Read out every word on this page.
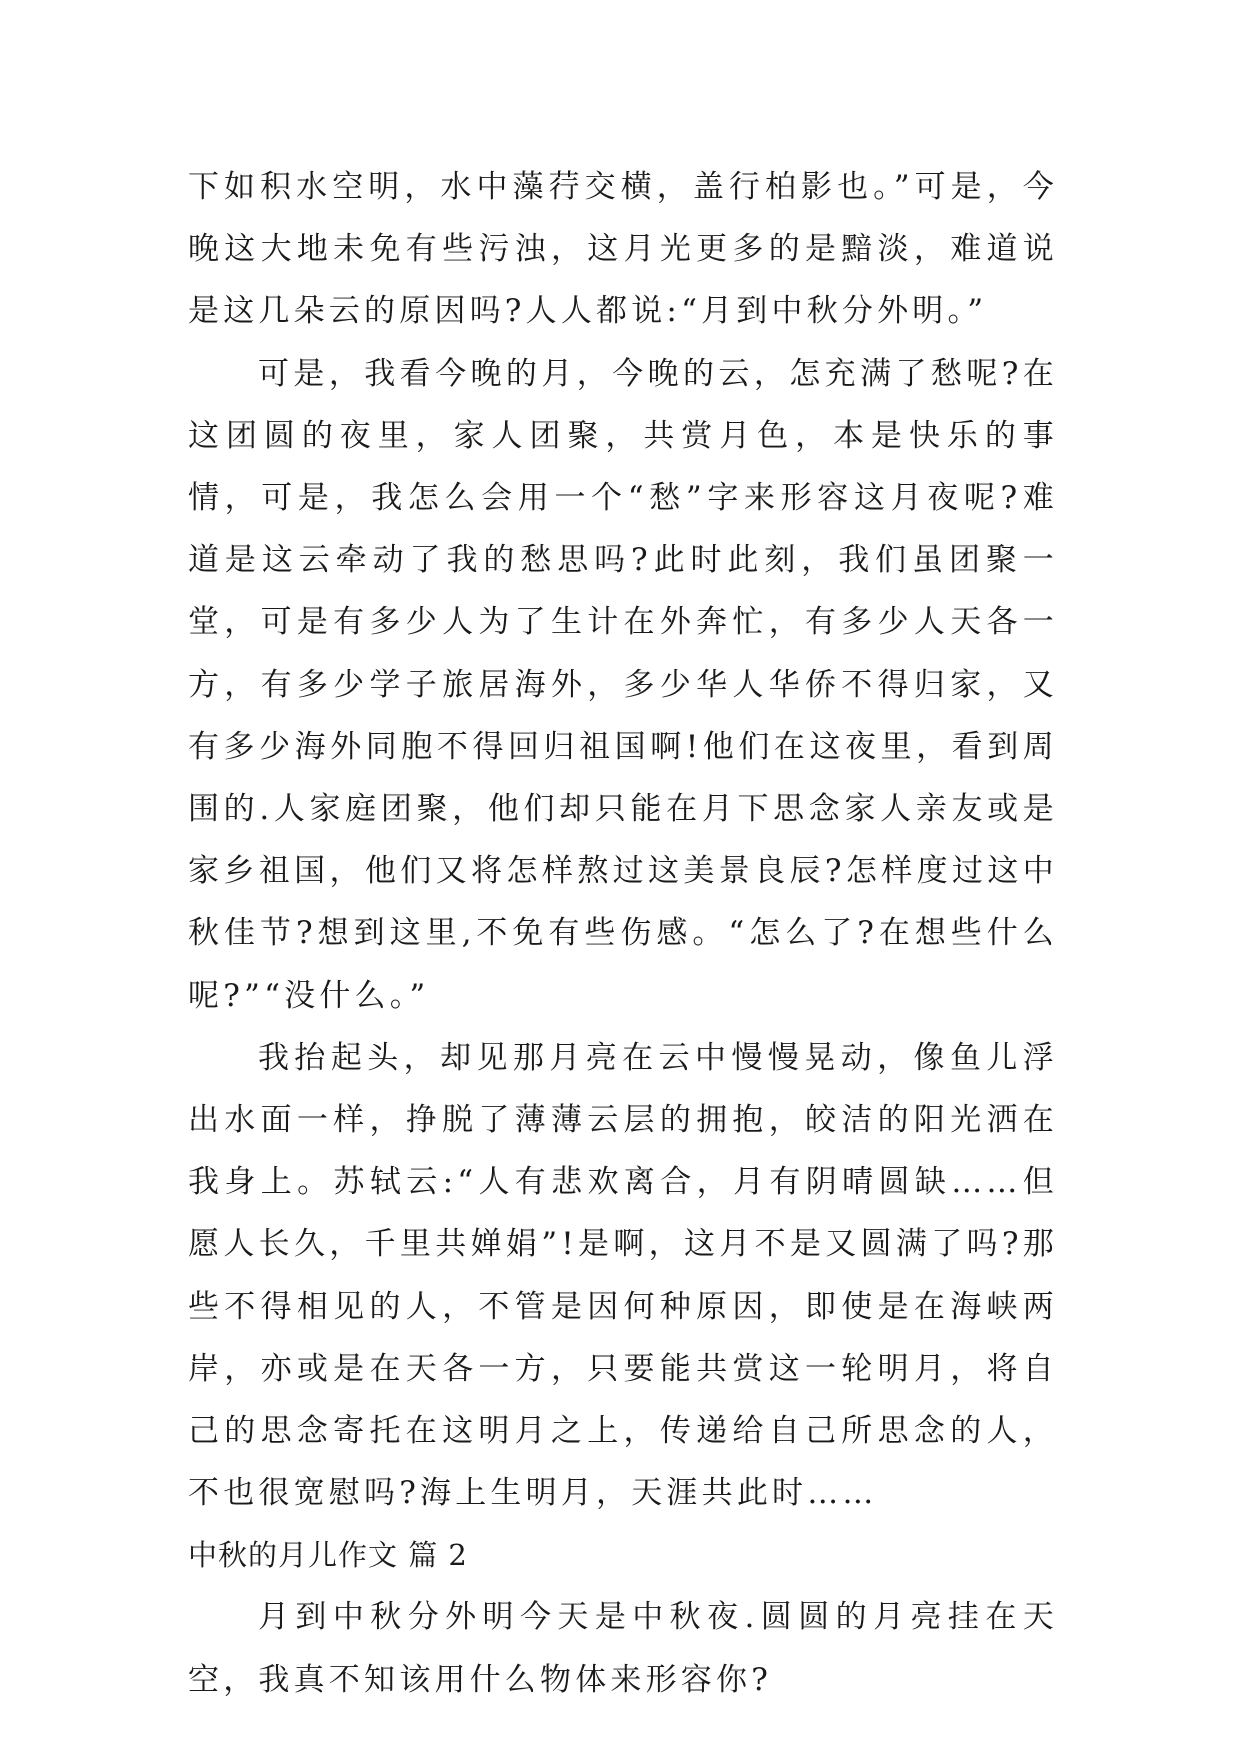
下如积水空明，水中藻荇交横，盖行柏影也。”可是，今晚这大地未免有些污浊，这月光更多的是黯淡，难道说是这几朵云的原因吗?人人都说:“月到中秋分外明。”

可是，我看今晚的月，今晚的云，怎充满了愁呢?在这团圆的夜里，家人团聚，共赏月色，本是快乐的事情，可是，我怎么会用一个“愁”字来形容这月夜呢?难道是这云牵动了我的愁思吗?此时此刻，我们虽团聚一堂，可是有多少人为了生计在外奔忙，有多少人天各一方，有多少学子旅居海外，多少华人华侨不得归家，又有多少海外同胞不得回归祖国啊!他们在这夜里，看到周围的.人家庭团聚，他们却只能在月下思念家人亲友或是家乡祖国，他们又将怎样熬过这美景良辰?怎样度过这中秋佳节?想到这里,不免有些伤感。“怎么了?在想些什么呢?”“没什么。”

我抬起头，却见那月亮在云中慢慢晃动，像鱼儿浮出水面一样，挣脱了薄薄云层的拥抱，皎洁的阳光洒在我身上。苏轼云:“人有悲欢离合，月有阴晴圆缺……但愿人长久，千里共婵娟”!是啊，这月不是又圆满了吗?那些不得相见的人，不管是因何种原因，即使是在海峡两岸，亦或是在天各一方，只要能共赏这一轮明月，将自己的思念寄托在这明月之上，传递给自己所思念的人，不也很宽慰吗?海上生明月，天涯共此时……

中秋的月儿作文 篇 2

月到中秋分外明今天是中秋夜.圆圆的月亮挂在天空，我真不知该用什么物体来形容你?
